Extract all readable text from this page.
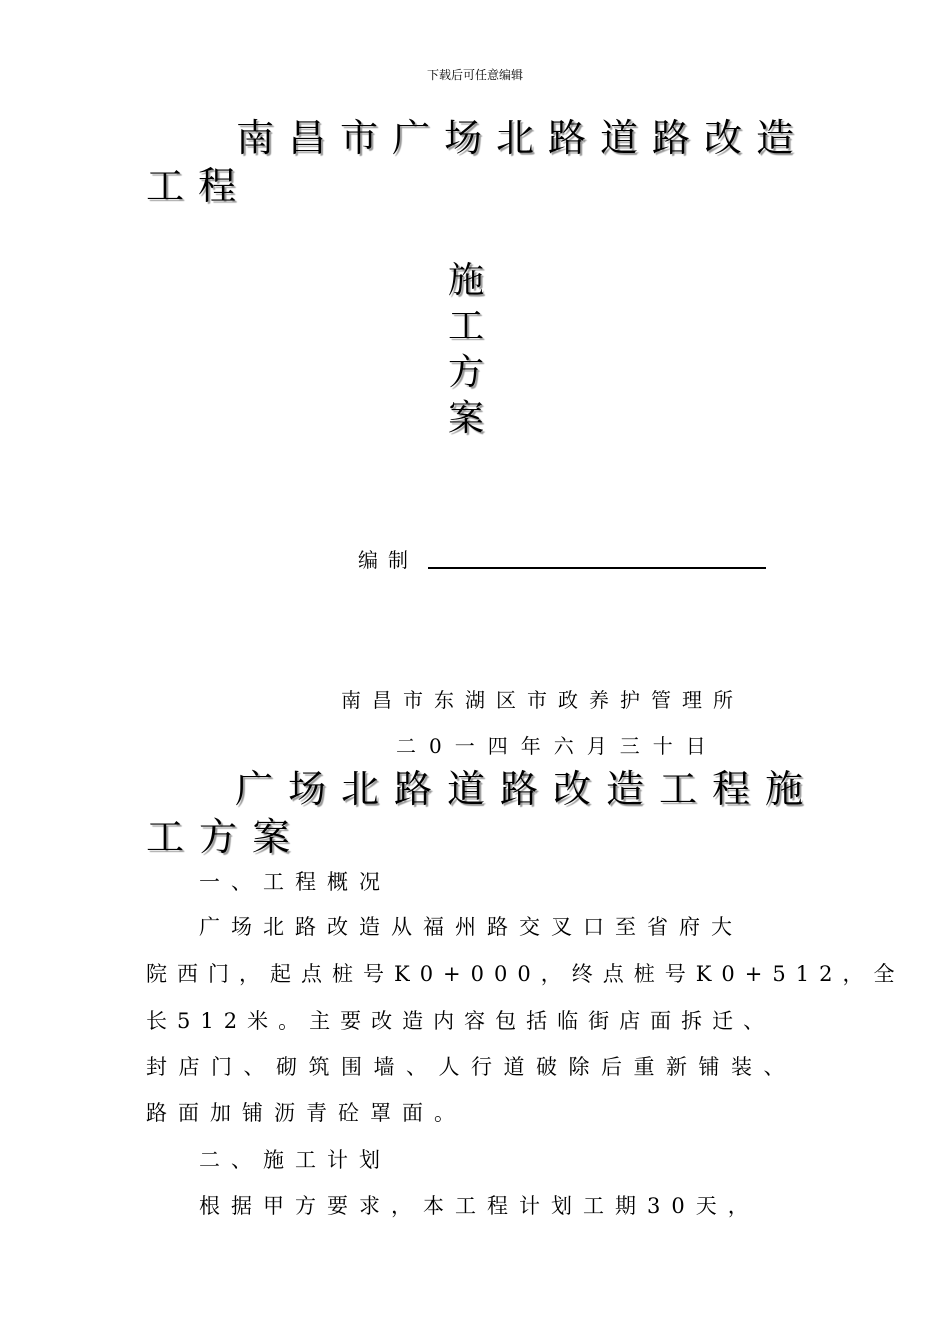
下载后可任意编辑
南昌市广场北路道路改造
工程
施
工
方
案
编制
南昌市东湖区市政养护管理所
二0一四年六月三十日
广场北路道路改造工程施
工方案
一、工程概况
广场北路改造从福州路交叉口至省府大
院西门，起点桩号K0+000，终点桩号K0+512，全
长512米。主要改造内容包括临街店面拆迁、
封店门、砌筑围墙、人行道破除后重新铺装、
路面加铺沥青砼罩面。
二、施工计划
根据甲方要求，本工程计划工期30天，
